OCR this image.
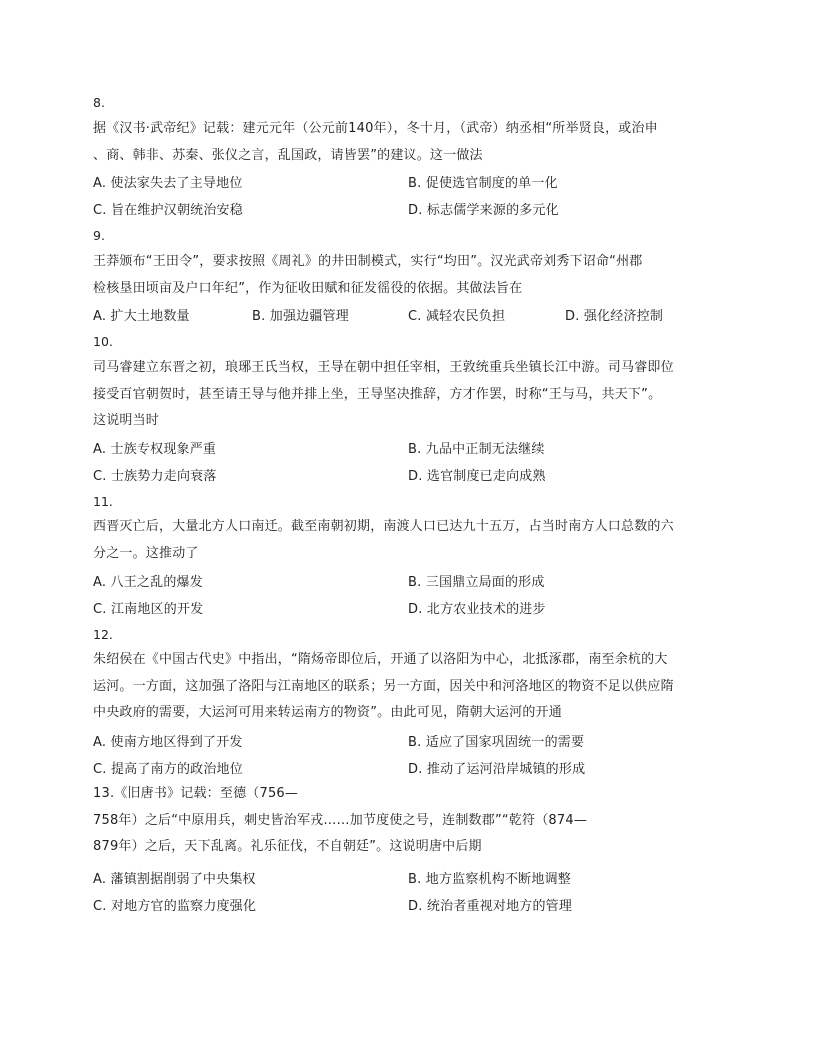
8.
据《汉书·武帝纪》记载：建元元年（公元前140年），冬十月，（武帝）纳丞相“所举贤良，或治申
、商、韩非、苏秦、张仪之言，乱国政，请皆罢”的建议。这一做法
A. 使法家失去了主导地位	B. 促使选官制度的单一化
C. 旨在维护汉朝统治安稳	D. 标志儒学来源的多元化
9.
王莽颁布“王田令”，要求按照《周礼》的井田制模式，实行“均田”。汉光武帝刘秀下诏命“州郡
检核垦田顷亩及户口年纪”，作为征收田赋和征发徭役的依据。其做法旨在
A. 扩大土地数量	B. 加强边疆管理	C. 减轻农民负担	D. 强化经济控制
10.
司马睿建立东晋之初，琅琊王氏当权，王导在朝中担任宰相，王敦统重兵坐镇长江中游。司马睿即位
接受百官朝贺时，甚至请王导与他并排上坐，王导坚决推辞，方才作罢，时称“王与马，共天下”。
这说明当时
A. 士族专权现象严重	B. 九品中正制无法继续
C. 士族势力走向衰落	D. 选官制度已走向成熟
11.
西晋灭亡后，大量北方人口南迁。截至南朝初期，南渡人口已达九十五万，占当时南方人口总数的六
分之一。这推动了
A. 八王之乱的爆发	B. 三国鼎立局面的形成
C. 江南地区的开发	D. 北方农业技术的进步
12.
朱绍侯在《中国古代史》中指出，“隋炀帝即位后，开通了以洛阳为中心，北抵涿郡，南至余杭的大
运河。一方面，这加强了洛阳与江南地区的联系；另一方面，因关中和河洛地区的物资不足以供应隋
中央政府的需要，大运河可用来转运南方的物资”。由此可见，隋朝大运河的开通
A. 使南方地区得到了开发	B. 适应了国家巩固统一的需要
C. 提高了南方的政治地位	D. 推动了运河沿岸城镇的形成
13.《旧唐书》记载：至德（756—
758年）之后“中原用兵，刺史皆治军戎……加节度使之号，连制数郡”“乾符（874—
879年）之后，天下乱离。礼乐征伐，不自朝廷”。这说明唐中后期
A. 藩镇割据削弱了中央集权	B. 地方监察机构不断地调整
C. 对地方官的监察力度强化	D. 统治者重视对地方的管理
